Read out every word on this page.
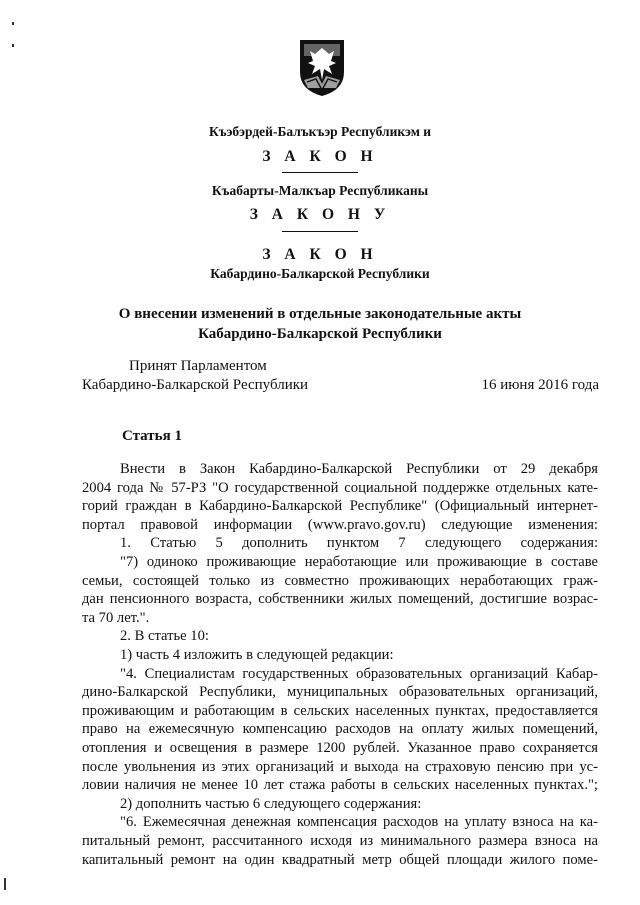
Къэбэрдей-Балъкъэр Республикэм и
З А К О Н
Къабарты-Малкъар Республиканы
З А К О Н У
З А К О Н
Кабардино-Балкарской Республики
О внесении изменений в отдельные законодательные акты
Кабардино-Балкарской Республики
Принят Парламентом
Кабардино-Балкарской Республики	16 июня 2016 года
Статья 1

Внести в Закон Кабардино-Балкарской Республики от 29 декабря

2004 года № 57-РЗ "О государственной социальной поддержке отдельных кате-

горий граждан в Кабардино-Балкарской Республике" (Официальный интернет-

портал правовой информации (www.pravo.gov.ru) следующие изменения:

1. Статью 5 дополнить пунктом 7 следующего содержания:

"7) одиноко проживающие неработающие или проживающие в составе

семьи, состоящей только из совместно проживающих неработающих граж-

дан пенсионного возраста, собственники жилых помещений, достигшие возрас-

та 70 лет.".

2. В статье 10:

1) часть 4 изложить в следующей редакции:

"4. Специалистам государственных образовательных организаций Кабар-

дино-Балкарской Республики, муниципальных образовательных организаций,

проживающим и работающим в сельских населенных пунктах, предоставляется

право на ежемесячную компенсацию расходов на оплату жилых помещений,

отопления и освещения в размере 1200 рублей. Указанное право сохраняется

после увольнения из этих организаций и выхода на страховую пенсию при ус-

ловии наличия не менее 10 лет стажа работы в сельских населенных пунктах.";

2) дополнить частью 6 следующего содержания:

"6. Ежемесячная денежная компенсация расходов на уплату взноса на ка-

питальный ремонт, рассчитанного исходя из минимального размера взноса на

капитальный ремонт на один квадратный метр общей площади жилого поме-
